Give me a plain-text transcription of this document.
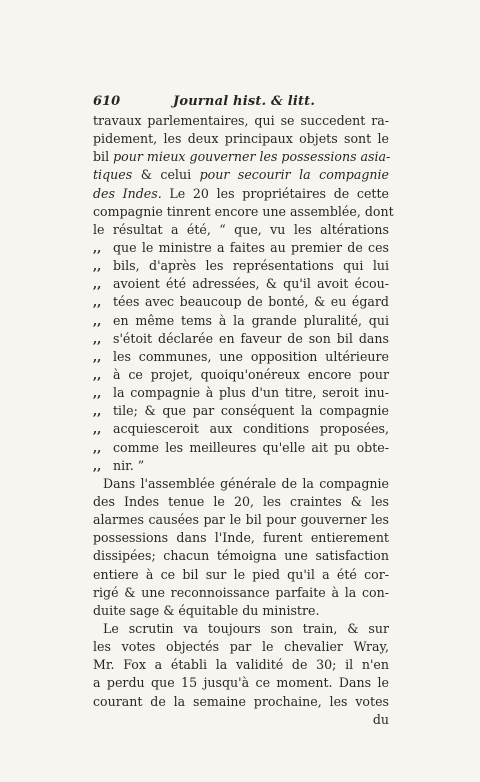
610	Journal hist. & litt.
travaux parlementaires, qui se succedent ra-
pidement, les deux principaux objets sont le
bil pour mieux gouverner les possessions asia-
tiques & celui pour secourir la compagnie
des Indes. Le 20 les propriétaires de cette
compagnie tinrent encore une assemblée, dont
le résultat a été, “ que, vu les altérations
,, que le ministre a faites au premier de ces
,, bils, d'après les représentations qui lui
,, avoient été adressées, & qu'il avoit écou-
,, tées avec beaucoup de bonté, & eu égard
,, en même tems à la grande pluralité, qui
,, s'étoit déclarée en faveur de son bil dans
,, les communes, une opposition ultérieure
,, à ce projet, quoiqu'onéreux encore pour
,, la compagnie à plus d'un titre, seroit inu-
,, tile; & que par conséquent la compagnie
,, acquiesceroit aux conditions proposées,
,, comme les meilleures qu'elle ait pu obte-
,, nir. ”
Dans l'assemblée générale de la compagnie
des Indes tenue le 20, les craintes & les
alarmes causées par le bil pour gouverner les
possessions dans l'Inde, furent entierement
dissipées; chacun témoigna une satisfaction
entiere à ce bil sur le pied qu'il a été cor-
rigé & une reconnoissance parfaite à la con-
duite sage & équitable du ministre.
Le scrutin va toujours son train, & sur
les votes objectés par le chevalier Wray,
Mr. Fox a établi la validité de 30; il n'en
a perdu que 15 jusqu'à ce moment. Dans le
courant de la semaine prochaine, les votes
du
